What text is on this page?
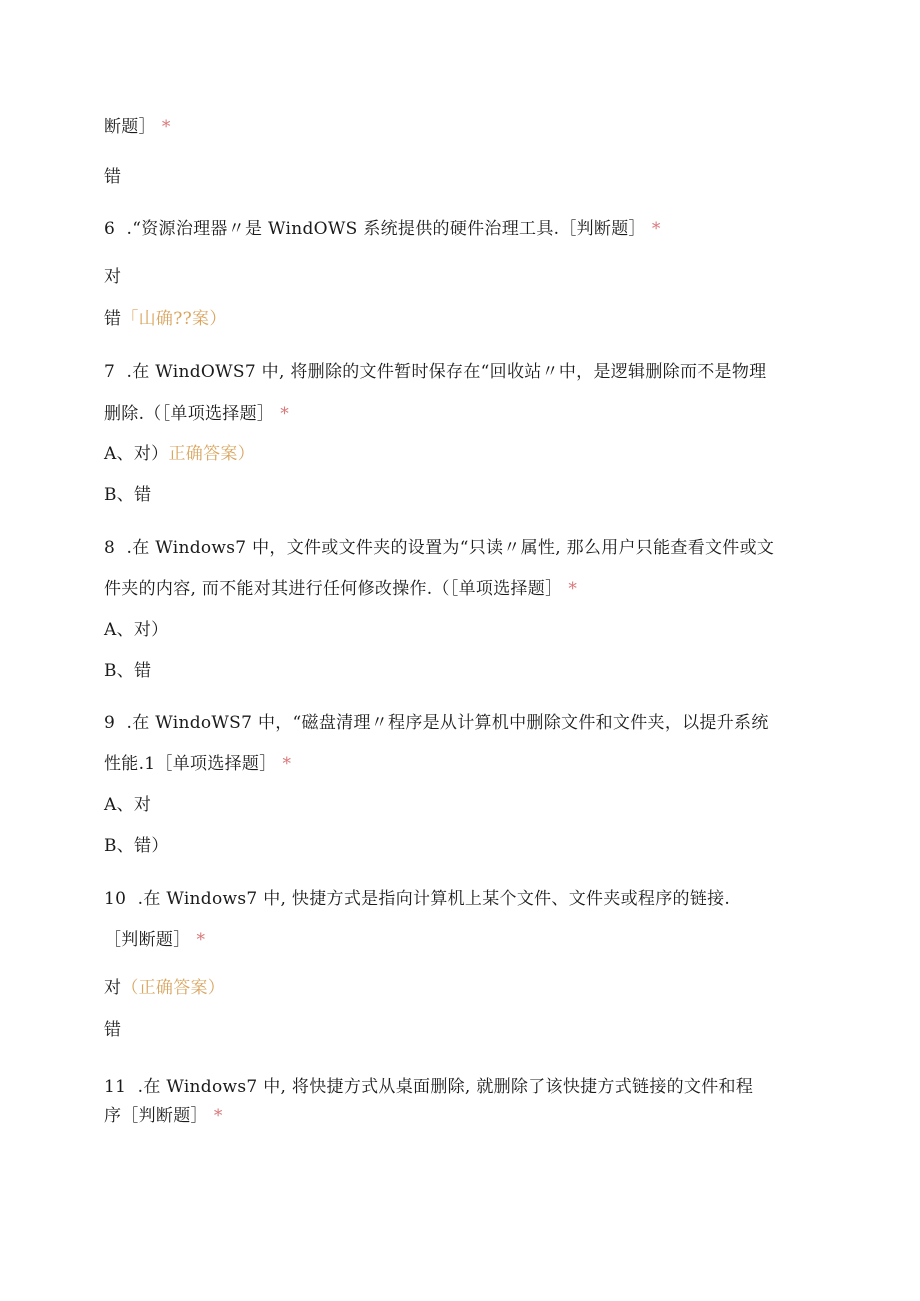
断题］ *
错
6  .“资源治理器〃是 WindOWS 系统提供的硬件治理工具.［判断题］ *
对
错「山确??案）
7  .在 WindOWS7 中, 将删除的文件暂时保存在“回收站〃中，是逻辑删除而不是物理
删除.（［单项选择题］ *
A、对）正确答案）
B、错
8  .在 Windows7 中，文件或文件夹的设置为“只读〃属性, 那么用户只能查看文件或文
件夹的内容, 而不能对其进行任何修改操作.（［单项选择题］ *
A、对）
B、错
9  .在 WindoWS7 中，“磁盘清理〃程序是从计算机中删除文件和文件夹，以提升系统
性能.1［单项选择题］ *
A、对
B、错）
10  .在 Windows7 中, 快捷方式是指向计算机上某个文件、文件夹或程序的链接.
［判断题］ *
对（正确答案）
错
11  .在 Windows7 中, 将快捷方式从桌面删除, 就删除了该快捷方式链接的文件和程
序［判断题］ *
